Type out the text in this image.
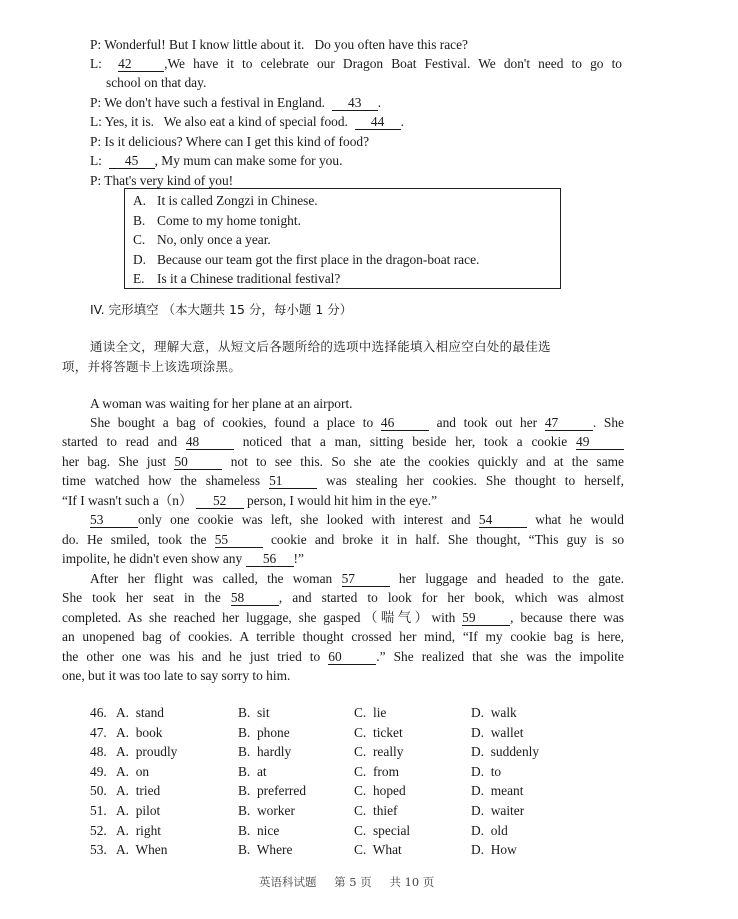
P: Wonderful! But I know little about it.   Do you often have this race?
L: 42 ,We have it to celebrate our Dragon Boat Festival. We don't need to go to
school on that day.
P: We don't have such a festival in England.  43 .
L: Yes, it is.   We also eat a kind of special food.  44 .
P: Is it delicious? Where can I get this kind of food?
L: 45 , My mum can make some for you.
P: That's very kind of you!
A. It is called Zongzi in Chinese.
B. Come to my home tonight.
C. No, only once a year.
D. Because our team got the first place in the dragon-boat race.
E. Is it a Chinese traditional festival?
IV. 完形填空 （本大题共 15 分，每小题 1 分）
通读全文，理解大意，从短文后各题所给的选项中选择能填入相应空白处的最佳选
项，并将答题卡上该选项涂黑。
A woman was waiting for her plane at an airport.
She bought a bag of cookies, found a place to 46	and took out her 47	. She
started to read and 48	noticed that a man, sitting beside her, took a cookie 49
her bag. She just 50	not to see this. So she ate the cookies quickly and at the same
time watched how the shameless 51	was stealing her cookies. She thought to herself,
“If I wasn't such a（n） 52 person, I would hit him in the eye.”
53	only one cookie was left, she looked with interest and 54	what he would
do. He smiled, took the 55	cookie and broke it in half. She thought, “This guy is so
impolite, he didn't even show any 56 !”
After her flight was called, the woman 57	her luggage and headed to the gate.
She took her seat in the 58	, and started to look for her book, which was almost
completed. As she reached her luggage, she gasped（喘气）with 59	, because there was
an unopened bag of cookies. A terrible thought crossed her mind, “If my cookie bag is here,
the other one was his and he just tried to 60	.” She realized that she was the impolite
one, but it was too late to say sorry to him.
46. A.  stand	B.  sit	C.  lie	D.  walk
47. A.  book	B.  phone	C.  ticket	D.  wallet
48. A.  proudly	B.  hardly	C.  really	D.  suddenly
49. A.  on	B.  at	C.  from	D.  to
50. A.  tried	B.  preferred	C.  hoped	D.  meant
51. A.  pilot	B.  worker	C.  thief	D.  waiter
52. A.  right	B.  nice	C.  special	D.  old
53. A.  When	B.  Where	C.  What	D.  How
英语科试题 第 5 页 共 10 页
